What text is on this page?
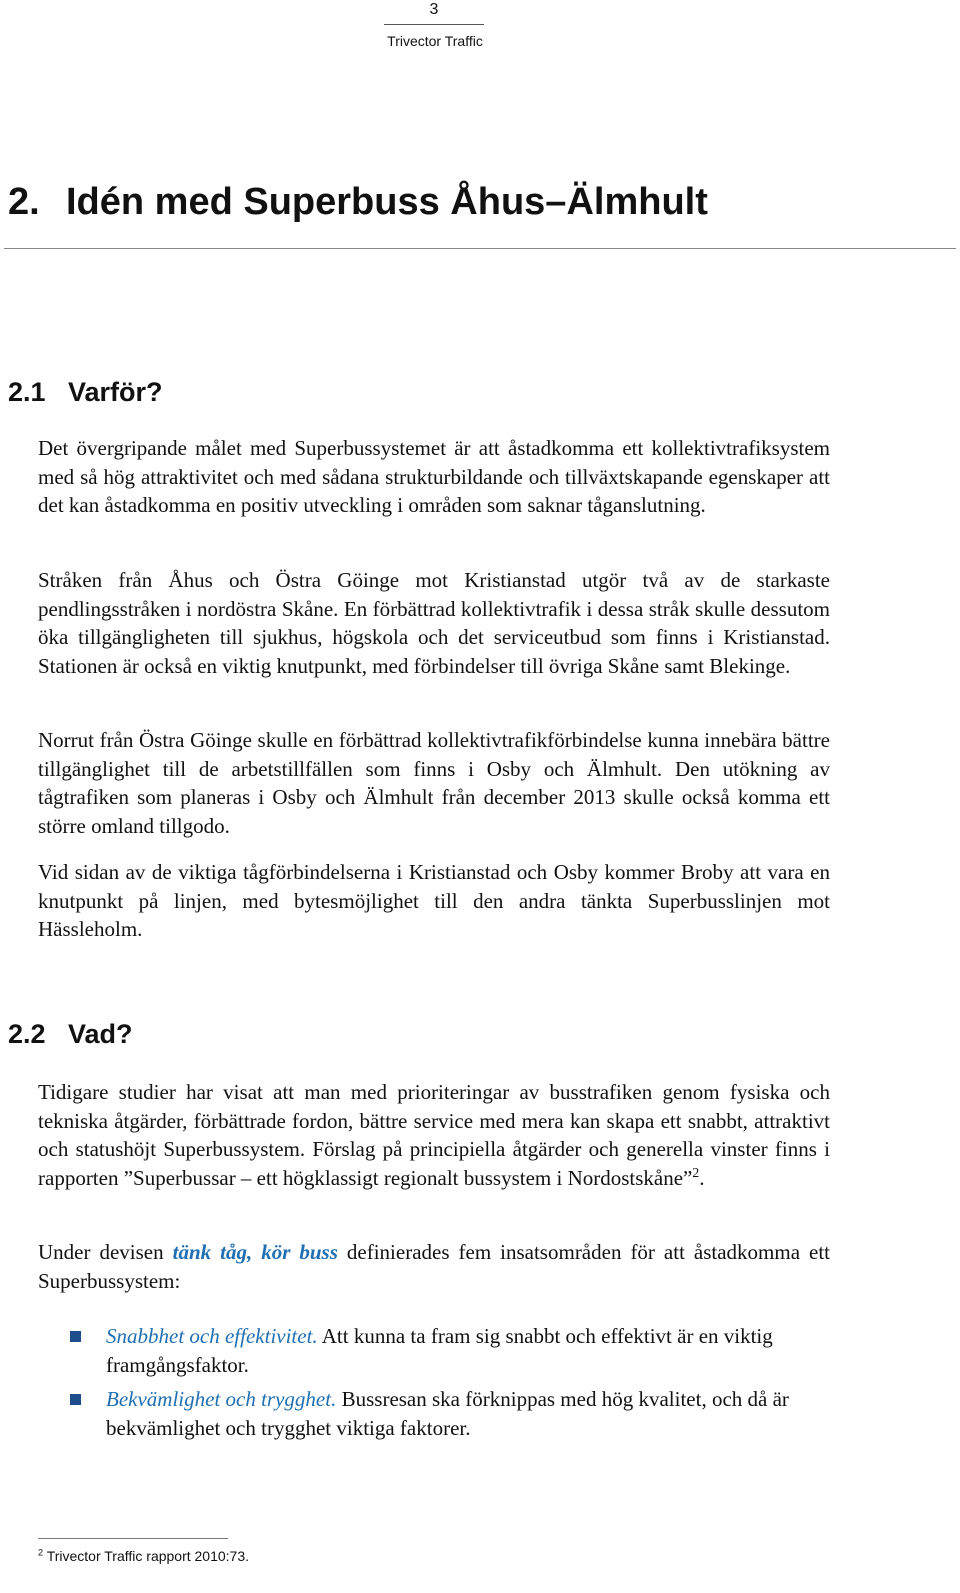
3
Trivector Traffic
2. Idén med Superbuss Åhus–Älmhult
2.1 Varför?

Det övergripande målet med Superbussystemet är att åstadkomma ett kollektivtrafiksystem med så hög attraktivitet och med sådana strukturbildande och tillväxtskapande egenskaper att det kan åstadkomma en positiv utveckling i områden som saknar tåganslutning.

Stråken från Åhus och Östra Göinge mot Kristianstad utgör två av de starkaste pendlingsstråken i nordöstra Skåne. En förbättrad kollektivtrafik i dessa stråk skulle dessutom öka tillgängligheten till sjukhus, högskola och det serviceutbud som finns i Kristianstad. Stationen är också en viktig knutpunkt, med förbindelser till övriga Skåne samt Blekinge.

Norrut från Östra Göinge skulle en förbättrad kollektivtrafikförbindelse kunna innebära bättre tillgänglighet till de arbetstillfällen som finns i Osby och Älmhult. Den utökning av tågtrafiken som planeras i Osby och Älmhult från december 2013 skulle också komma ett större omland tillgodo.

Vid sidan av de viktiga tågförbindelserna i Kristianstad och Osby kommer Broby att vara en knutpunkt på linjen, med bytesmöjlighet till den andra tänkta Superbusslinjen mot Hässleholm.

2.2 Vad?

Tidigare studier har visat att man med prioriteringar av busstrafiken genom fysiska och tekniska åtgärder, förbättrade fordon, bättre service med mera kan skapa ett snabbt, attraktivt och statushöjt Superbussystem. Förslag på principiella åtgärder och generella vinster finns i rapporten ”Superbussar – ett högklassigt regionalt bussystem i Nordostskåne”$^2$.

Under devisen tänk tåg, kör buss definierades fem insatsområden för att åstadkomma ett Superbussystem:

Snabbhet och effektivitet. Att kunna ta fram sig snabbt och effektivt är en viktig framgångsfaktor.
Bekvämlighet och trygghet. Bussresan ska förknippas med hög kvalitet, och då är bekvämlighet och trygghet viktiga faktorer.
$^2$ Trivector Traffic rapport 2010:73.
